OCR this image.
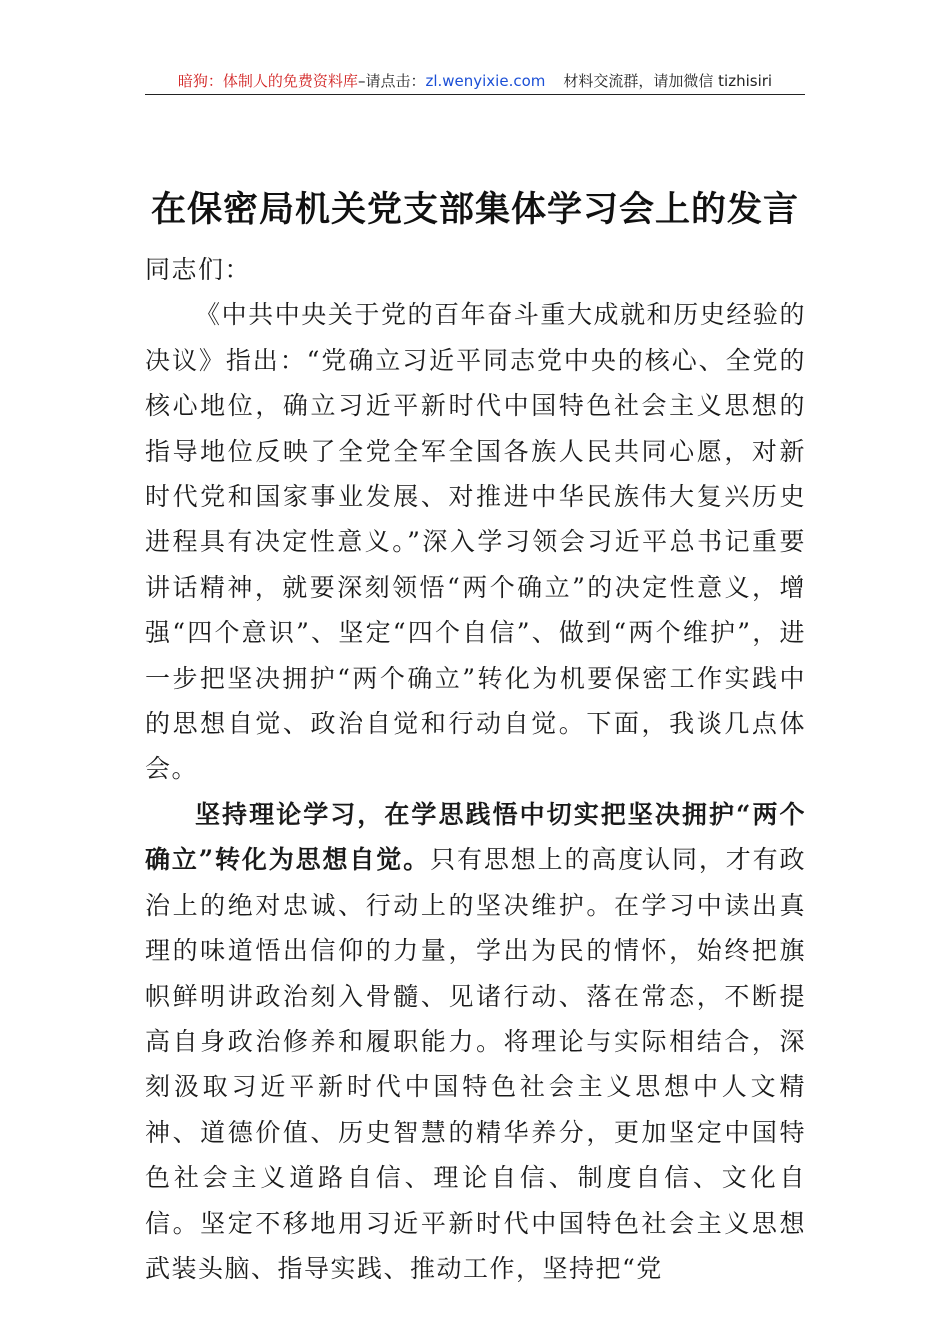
暗狗：体制人的免费资料库–请点击：zl.wenyixie.com 材料交流群，请加微信 tizhisiri
在保密局机关党支部集体学习会上的发言

同志们：

《中共中央关于党的百年奋斗重大成就和历史经验的决议》指出：“党确立习近平同志党中央的核心、全党的核心地位，确立习近平新时代中国特色社会主义思想的指导地位反映了全党全军全国各族人民共同心愿，对新时代党和国家事业发展、对推进中华民族伟大复兴历史进程具有决定性意义。”深入学习领会习近平总书记重要讲话精神，就要深刻领悟“两个确立”的决定性意义，增强“四个意识”、坚定“四个自信”、做到“两个维护”，进一步把坚决拥护“两个确立”转化为机要保密工作实践中的思想自觉、政治自觉和行动自觉。下面，我谈几点体会。

坚持理论学习，在学思践悟中切实把坚决拥护“两个确立”转化为思想自觉。只有思想上的高度认同，才有政治上的绝对忠诚、行动上的坚决维护。在学习中读出真理的味道悟出信仰的力量，学出为民的情怀，始终把旗帜鲜明讲政治刻入骨髓、见诸行动、落在常态，不断提高自身政治修养和履职能力。将理论与实际相结合，深刻汲取习近平新时代中国特色社会主义思想中人文精神、道德价值、历史智慧的精华养分，更加坚定中国特色社会主义道路自信、理论自信、制度自信、文化自信。坚定不移地用习近平新时代中国特色社会主义思想武装头脑、指导实践、推动工作，坚持把“党
